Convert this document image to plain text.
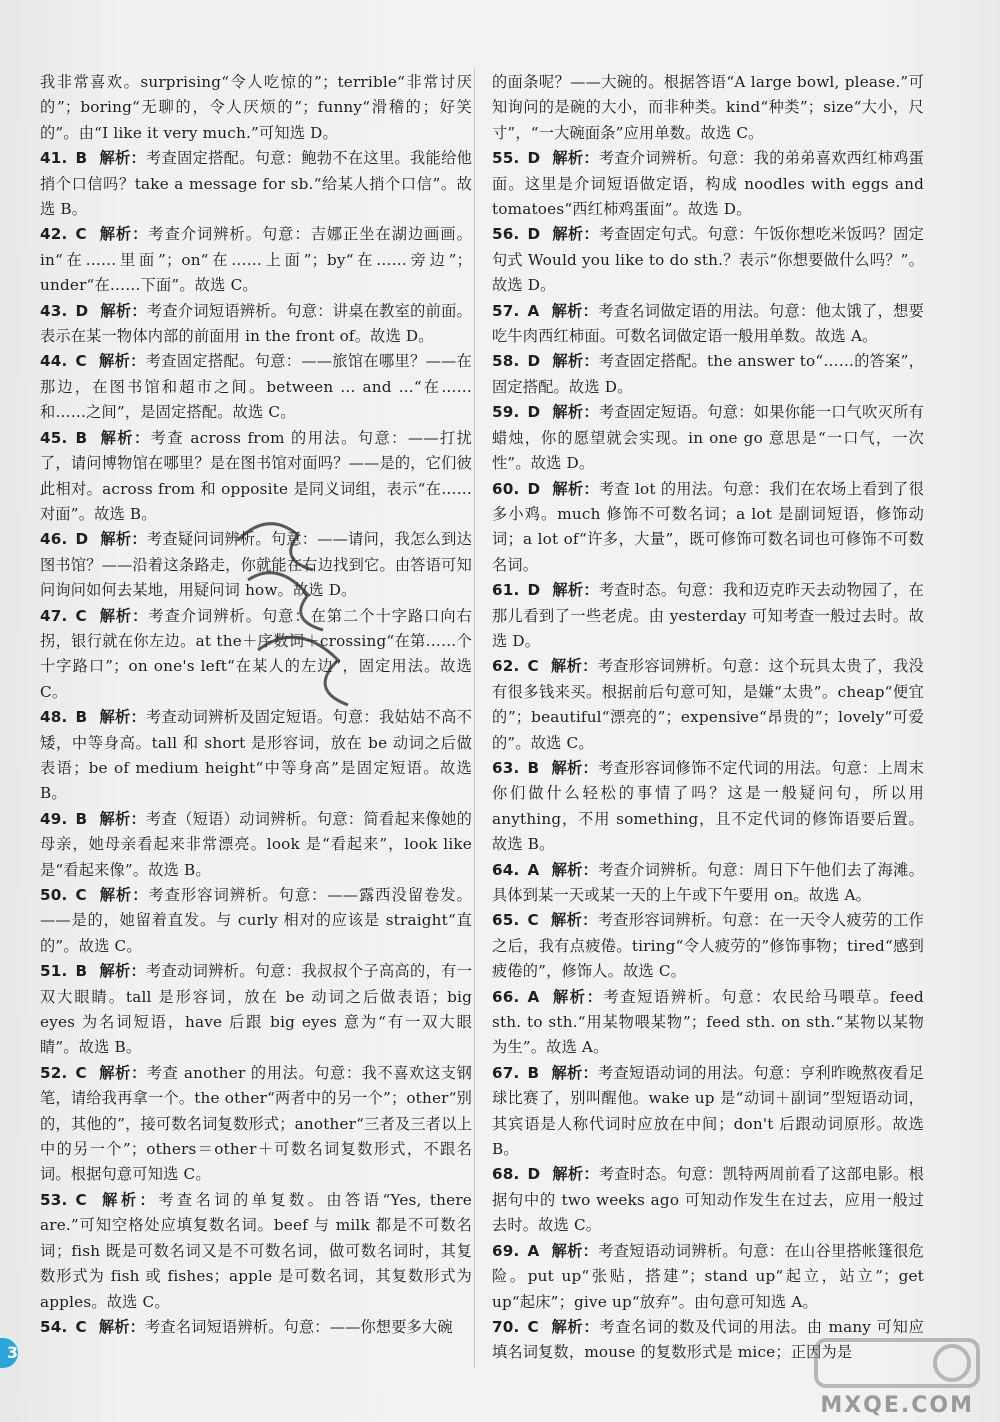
我非常喜欢。surprising“令人吃惊的”；terrible“非常讨厌的”；boring“无聊的，令人厌烦的”；funny“滑稽的；好笑的”。由“I like it very much.”可知选 D。

41. B 解析：考查固定搭配。句意：鲍勃不在这里。我能给他捎个口信吗？take a message for sb.“给某人捎个口信”。故选 B。

42. C 解析：考查介词辨析。句意：吉娜正坐在湖边画画。in“在……里面”；on“在……上面”；by“在……旁边”；under“在……下面”。故选 C。

43. D 解析：考查介词短语辨析。句意：讲桌在教室的前面。表示在某一物体内部的前面用 in the front of。故选 D。

44. C 解析：考查固定搭配。句意：——旅馆在哪里？——在那边，在图书馆和超市之间。between ... and ...“在……和……之间”，是固定搭配。故选 C。

45. B 解析：考查 across from 的用法。句意：——打扰了，请问博物馆在哪里？是在图书馆对面吗？——是的，它们彼此相对。across from 和 opposite 是同义词组，表示“在……对面”。故选 B。

46. D 解析：考查疑问词辨析。句意：——请问，我怎么到达图书馆？——沿着这条路走，你就能在右边找到它。由答语可知问询问如何去某地，用疑问词 how。故选 D。

47. C 解析：考查介词辨析。句意：在第二个十字路口向右拐，银行就在你左边。at the＋序数词＋crossing“在第……个十字路口”；on one's left“在某人的左边”，固定用法。故选 C。

48. B 解析：考查动词辨析及固定短语。句意：我姑姑不高不矮，中等身高。tall 和 short 是形容词，放在 be 动词之后做表语；be of medium height“中等身高”是固定短语。故选 B。

49. B 解析：考查（短语）动词辨析。句意：简看起来像她的母亲，她母亲看起来非常漂亮。look 是“看起来”，look like 是“看起来像”。故选 B。

50. C 解析：考查形容词辨析。句意：——露西没留卷发。——是的，她留着直发。与 curly 相对的应该是 straight“直的”。故选 C。

51. B 解析：考查动词辨析。句意：我叔叔个子高高的，有一双大眼睛。tall 是形容词，放在 be 动词之后做表语；big eyes 为名词短语，have 后跟 big eyes 意为“有一双大眼睛”。故选 B。

52. C 解析：考查 another 的用法。句意：我不喜欢这支钢笔，请给我再拿一个。the other“两者中的另一个”；other“别的，其他的”，接可数名词复数形式；another“三者及三者以上中的另一个”；others＝other＋可数名词复数形式，不跟名词。根据句意可知选 C。

53. C 解析：考查名词的单复数。由答语“Yes, there are.”可知空格处应填复数名词。beef 与 milk 都是不可数名词；fish 既是可数名词又是不可数名词，做可数名词时，其复数形式为 fish 或 fishes；apple 是可数名词，其复数形式为 apples。故选 C。

54. C 解析：考查名词短语辨析。句意：——你想要多大碗

的面条呢？——大碗的。根据答语“A large bowl, please.”可知询问的是碗的大小，而非种类。kind“种类”；size“大小，尺寸”，“一大碗面条”应用单数。故选 C。

55. D 解析：考查介词辨析。句意：我的弟弟喜欢西红柿鸡蛋面。这里是介词短语做定语，构成 noodles with eggs and tomatoes“西红柿鸡蛋面”。故选 D。

56. D 解析：考查固定句式。句意：午饭你想吃米饭吗？固定句式 Would you like to do sth.？表示“你想要做什么吗？”。故选 D。

57. A 解析：考查名词做定语的用法。句意：他太饿了，想要吃牛肉西红柿面。可数名词做定语一般用单数。故选 A。

58. D 解析：考查固定搭配。the answer to“……的答案”，固定搭配。故选 D。

59. D 解析：考查固定短语。句意：如果你能一口气吹灭所有蜡烛，你的愿望就会实现。in one go 意思是“一口气，一次性”。故选 D。

60. D 解析：考查 lot 的用法。句意：我们在农场上看到了很多小鸡。much 修饰不可数名词；a lot 是副词短语，修饰动词；a lot of“许多，大量”，既可修饰可数名词也可修饰不可数名词。

61. D 解析：考查时态。句意：我和迈克昨天去动物园了，在那儿看到了一些老虎。由 yesterday 可知考查一般过去时。故选 D。

62. C 解析：考查形容词辨析。句意：这个玩具太贵了，我没有很多钱来买。根据前后句意可知，是嫌“太贵”。cheap“便宜的”；beautiful“漂亮的”；expensive“昂贵的”；lovely“可爱的”。故选 C。

63. B 解析：考查形容词修饰不定代词的用法。句意：上周末你们做什么轻松的事情了吗？这是一般疑问句，所以用 anything，不用 something，且不定代词的修饰语要后置。故选 B。

64. A 解析：考查介词辨析。句意：周日下午他们去了海滩。具体到某一天或某一天的上午或下午要用 on。故选 A。

65. C 解析：考查形容词辨析。句意：在一天令人疲劳的工作之后，我有点疲倦。tiring“令人疲劳的”修饰事物；tired“感到疲倦的”，修饰人。故选 C。

66. A 解析：考查短语辨析。句意：农民给马喂草。feed sth. to sth.“用某物喂某物”；feed sth. on sth.“某物以某物为生”。故选 A。

67. B 解析：考查短语动词的用法。句意：亨利昨晚熬夜看足球比赛了，别叫醒他。wake up 是“动词＋副词”型短语动词，其宾语是人称代词时应放在中间；don't 后跟动词原形。故选 B。

68. D 解析：考查时态。句意：凯特两周前看了这部电影。根据句中的 two weeks ago 可知动作发生在过去，应用一般过去时。故选 C。

69. A 解析：考查短语动词辨析。句意：在山谷里搭帐篷很危险。put up“张贴，搭建”；stand up“起立，站立”；get up“起床”；give up“放弃”。由句意可知选 A。

70. C 解析：考查名词的数及代词的用法。由 many 可知应填名词复数，mouse 的复数形式是 mice；正因为是

3
MXQE.COM
